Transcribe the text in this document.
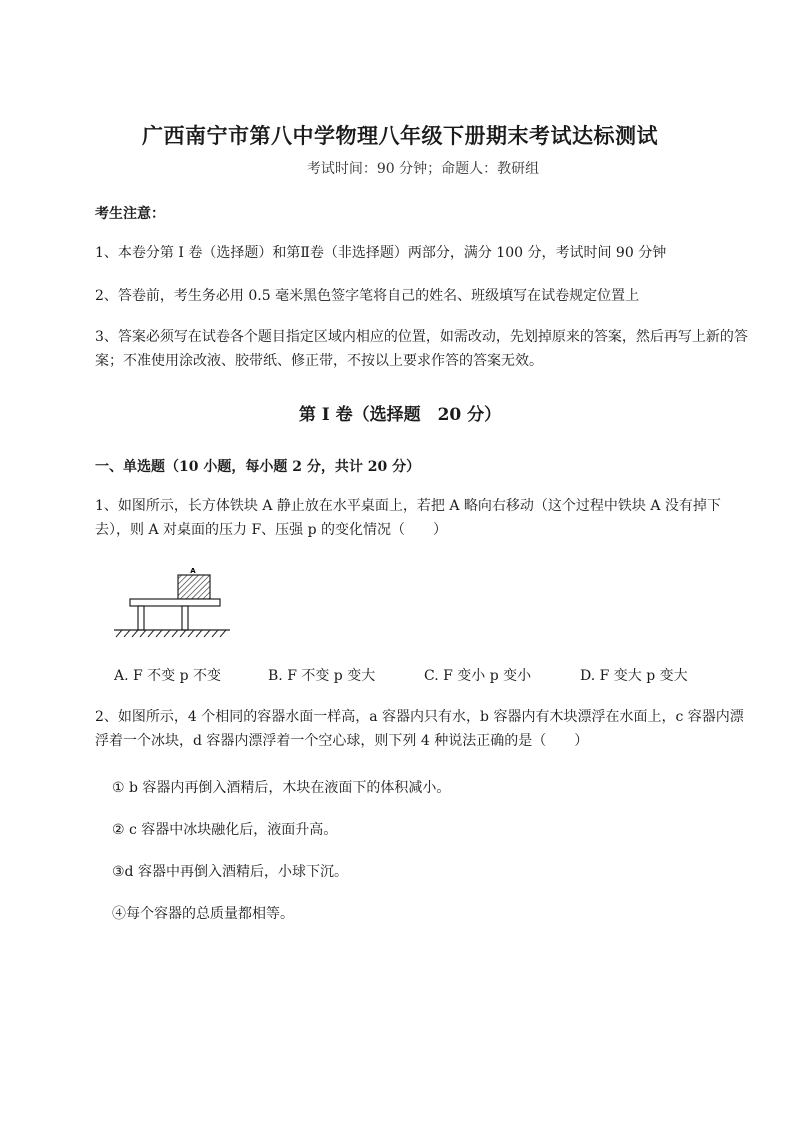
广西南宁市第八中学物理八年级下册期末考试达标测试
考试时间：90 分钟；命题人：教研组
考生注意：
1、本卷分第 I 卷（选择题）和第Ⅱ卷（非选择题）两部分，满分 100 分，考试时间 90 分钟
2、答卷前，考生务必用 0.5 毫米黑色签字笔将自己的姓名、班级填写在试卷规定位置上
3、答案必须写在试卷各个题目指定区域内相应的位置，如需改动，先划掉原来的答案，然后再写上新的答案；不准使用涂改液、胶带纸、修正带，不按以上要求作答的答案无效。
第 I 卷（选择题　20 分）
一、单选题（10 小题，每小题 2 分，共计 20 分）
1、如图所示，长方体铁块 A 静止放在水平桌面上，若把 A 略向右移动（这个过程中铁块 A 没有掉下去），则 A 对桌面的压力 F、压强 p 的变化情况（　　）
A
A. F 不变 p 不变	B. F 不变 p 变大	C. F 变小 p 变小	D. F 变大 p 变大
2、如图所示，4 个相同的容器水面一样高，a 容器内只有水，b 容器内有木块漂浮在水面上，c 容器内漂浮着一个冰块，d 容器内漂浮着一个空心球，则下列 4 种说法正确的是（　　）
① b 容器内再倒入酒精后，木块在液面下的体积减小。
② c 容器中冰块融化后，液面升高。
③d 容器中再倒入酒精后，小球下沉。
④每个容器的总质量都相等。
